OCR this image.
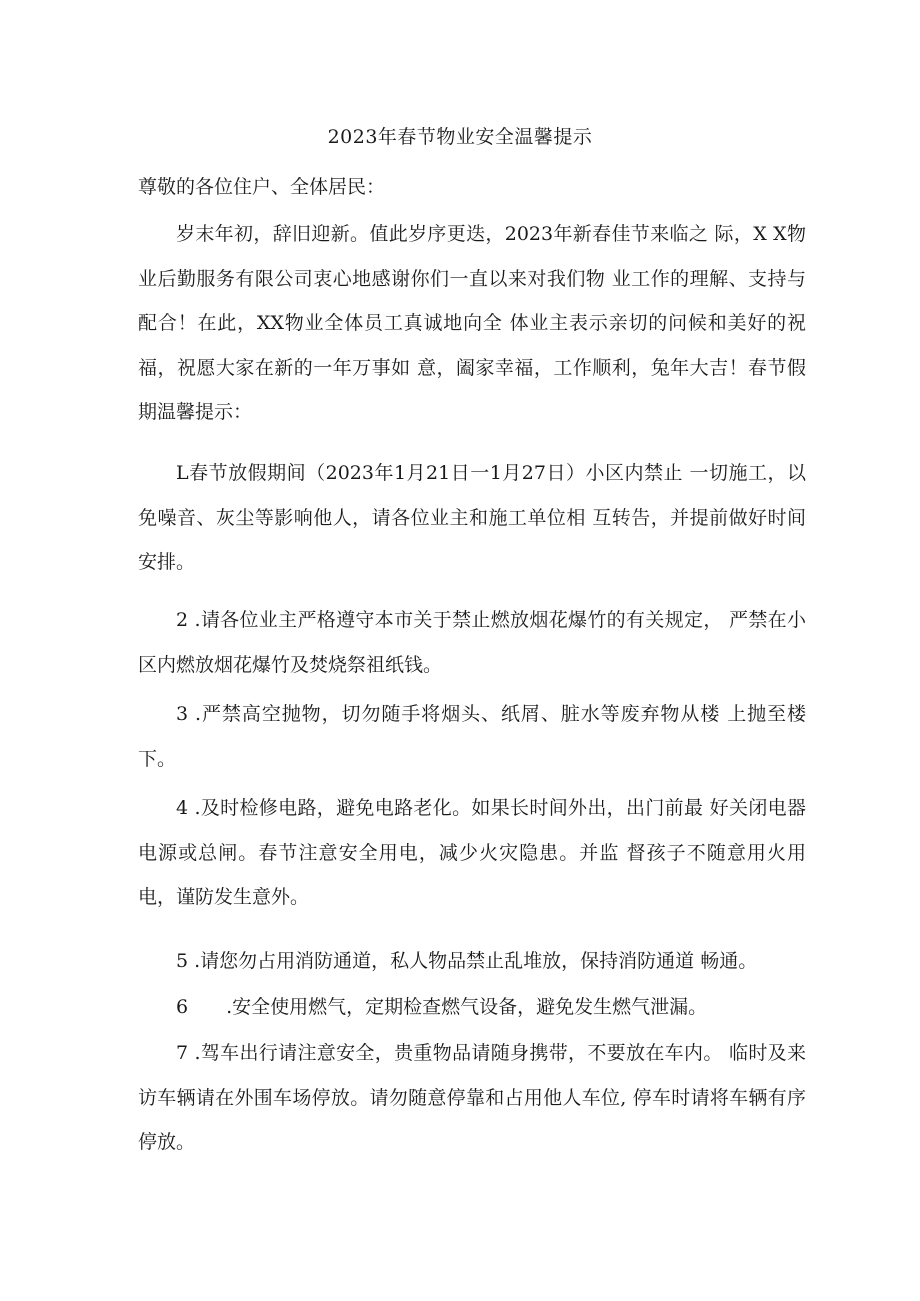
2023年春节物业安全温馨提示
尊敬的各位住户、全体居民：

岁末年初，辞旧迎新。值此岁序更迭，2023年新春佳节来临之 际，X X物业后勤服务有限公司衷心地感谢你们一直以来对我们物 业工作的理解、支持与配合！在此，XX物业全体员工真诚地向全 体业主表示亲切的问候和美好的祝福，祝愿大家在新的一年万事如 意，阖家幸福，工作顺利，兔年大吉！春节假期温馨提示：

L春节放假期间（2023年1月21日一1月27日）小区内禁止 一切施工，以免噪音、灰尘等影响他人，请各位业主和施工单位相 互转告，并提前做好时间安排。

2 .请各位业主严格遵守本市关于禁止燃放烟花爆竹的有关规定， 严禁在小区内燃放烟花爆竹及焚烧祭祖纸钱。

3 .严禁高空抛物，切勿随手将烟头、纸屑、脏水等废弃物从楼 上抛至楼下。

4 .及时检修电路，避免电路老化。如果长时间外出，出门前最 好关闭电器电源或总闸。春节注意安全用电，减少火灾隐患。并监 督孩子不随意用火用电，谨防发生意外。

5 .请您勿占用消防通道，私人物品禁止乱堆放，保持消防通道 畅通。

6　　.安全使用燃气，定期检查燃气设备，避免发生燃气泄漏。

7 .驾车出行请注意安全，贵重物品请随身携带，不要放在车内。 临时及来访车辆请在外围车场停放。请勿随意停靠和占用他人车位, 停车时请将车辆有序停放。
